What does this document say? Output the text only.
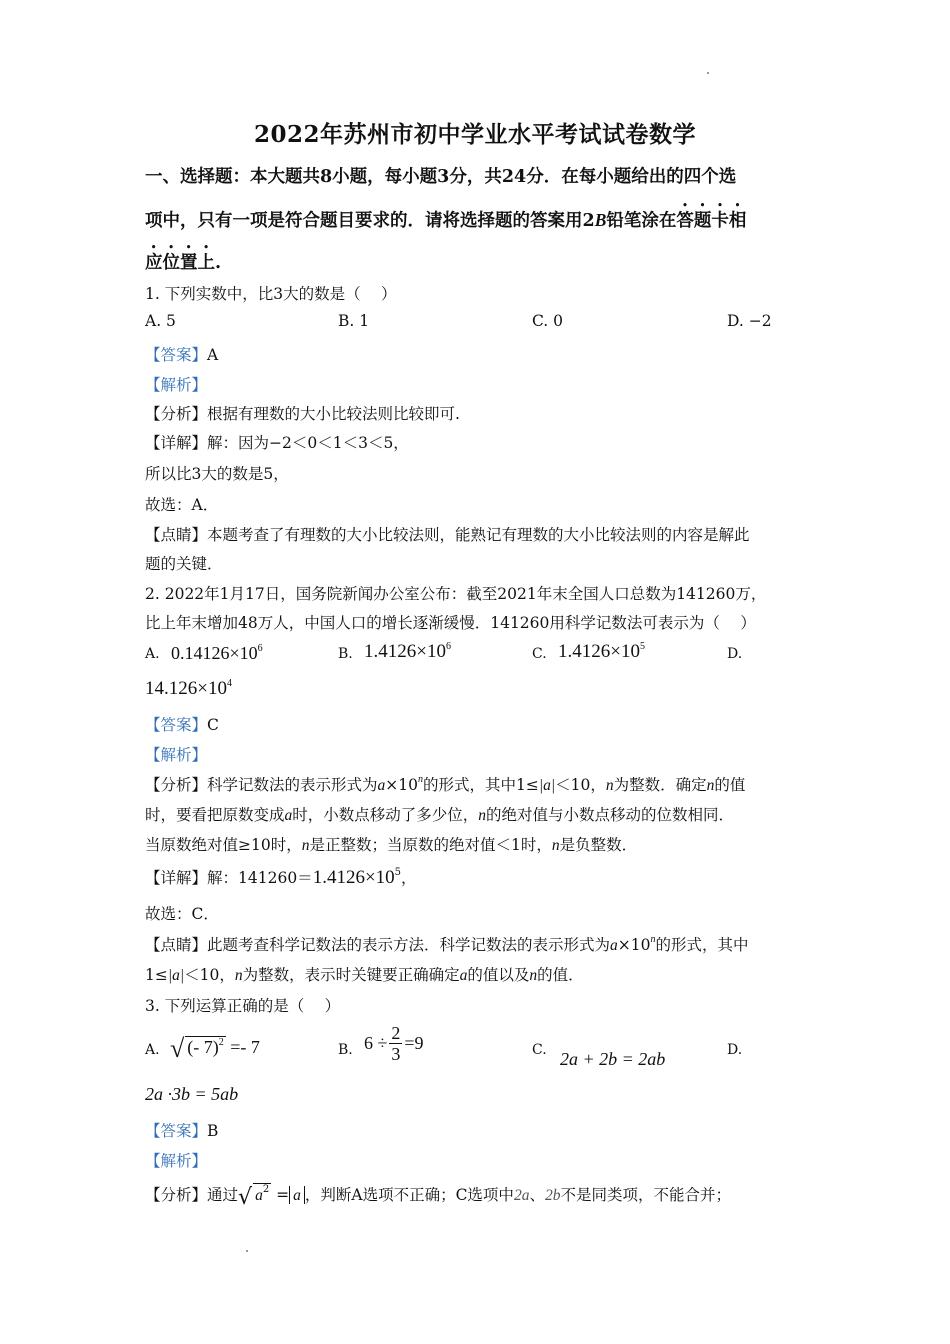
2022年苏州市初中学业水平考试试卷数学
一、选择题：本大题共8小题，每小题3分，共24分．在每小题给出的四个选
项中，只有一项是符合题目要求的．请将选择题的答案用2B铅笔涂在答题卡相
应位置上.
1. 下列实数中，比3大的数是（　 ）
A. 5	B. 1	C. 0	D. −2
【答案】A
【解析】
【分析】根据有理数的大小比较法则比较即可.
【详解】解：因为−2＜0＜1＜3＜5，
所以比3大的数是5，
故选：A．
【点睛】本题考查了有理数的大小比较法则，能熟记有理数的大小比较法则的内容是解此
题的关键．
2. 2022年1月17日，国务院新闻办公室公布：截至2021年末全国人口总数为141260万，
比上年末增加48万人，中国人口的增长逐渐缓慢．141260用科学记数法可表示为（　 ）
A. $0.14126\times 10^6$	B. $1.4126\times 10^6$	C. $1.4126\times 10^5$	D.
$14.126\times 10^4$
【答案】C
【解析】
【分析】科学记数法的表示形式为$a\times 10^n$的形式，其中1≤|a|＜10，n为整数．确定n的值
时，要看把原数变成a时，小数点移动了多少位，n的绝对值与小数点移动的位数相同．
当原数绝对值≥10时，n是正整数；当原数的绝对值＜1时，n是负整数．
【详解】解：$141260=1.4126\times 10^5$，
故选：C．
【点睛】此题考查科学记数法的表示方法．科学记数法的表示形式为$a\times 10^n$的形式，其中
1≤|a|＜10，n为整数，表示时关键要正确确定a的值以及n的值．
3. 下列运算正确的是（　 ）
A. √ (- 7)$^2$ =- 7	B. $6 \div \frac{2}{3} =9$	C. 2a + 2b = 2ab	D.
2a ·3b = 5ab
【答案】B
【解析】
【分析】通过√ $a^2 = a$ ，判断A选项不正确；C选项中2a、2b不是同类项，不能合并；
